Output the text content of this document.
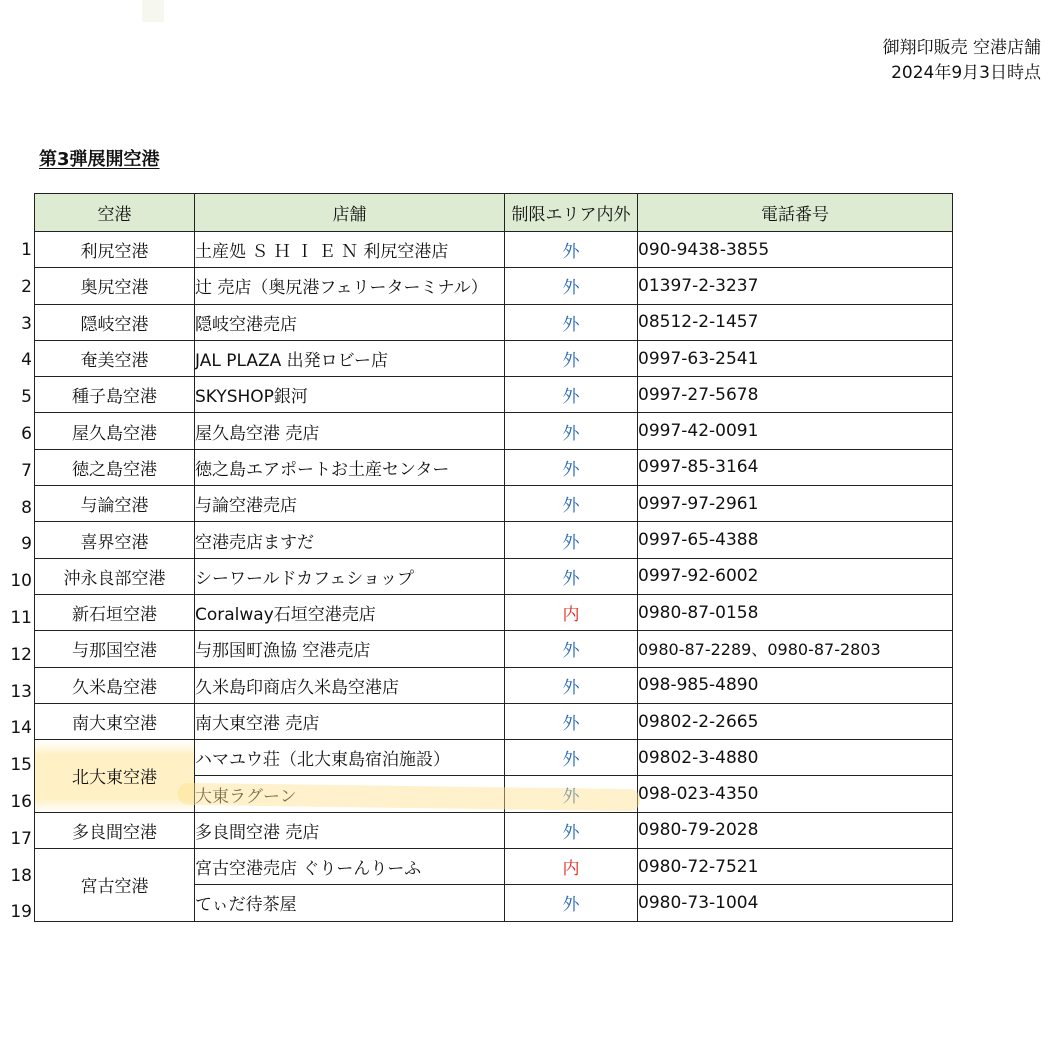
御翔印販売 空港店舗
2024年9月3日時点
第3弾展開空港
1
2
3
4
5
6
7
8
9
10
11
12
13
14
15
16
17
18
19
空港	店舗	制限エリア内外	電話番号
利尻空港	土産処 Ｓ Ｈ Ｉ Ｅ Ｎ 利尻空港店	外	090-9438-3855
奥尻空港	辻 売店（奥尻港フェリーターミナル）	外	01397-2-3237
隠岐空港	隠岐空港売店	外	08512-2-1457
奄美空港	JAL PLAZA 出発ロビー店	外	0997-63-2541
種子島空港	SKYSHOP銀河	外	0997-27-5678
屋久島空港	屋久島空港 売店	外	0997-42-0091
徳之島空港	徳之島エアポートお土産センター	外	0997-85-3164
与論空港	与論空港売店	外	0997-97-2961
喜界空港	空港売店ますだ	外	0997-65-4388
沖永良部空港	シーワールドカフェショップ	外	0997-92-6002
新石垣空港	Coralway石垣空港売店	内	0980-87-0158
与那国空港	与那国町漁協 空港売店	外	0980-87-2289、0980-87-2803
久米島空港	久米島印商店久米島空港店	外	098-985-4890
南大東空港	南大東空港 売店	外	09802-2-2665
北大東空港	ハマユウ荘（北大東島宿泊施設）	外	09802-3-4880
	大東ラグーン	外	098-023-4350
多良間空港	多良間空港 売店	外	0980-79-2028
宮古空港	宮古空港売店 ぐりーんりーふ	内	0980-72-7521
	てぃだ待茶屋	外	0980-73-1004
